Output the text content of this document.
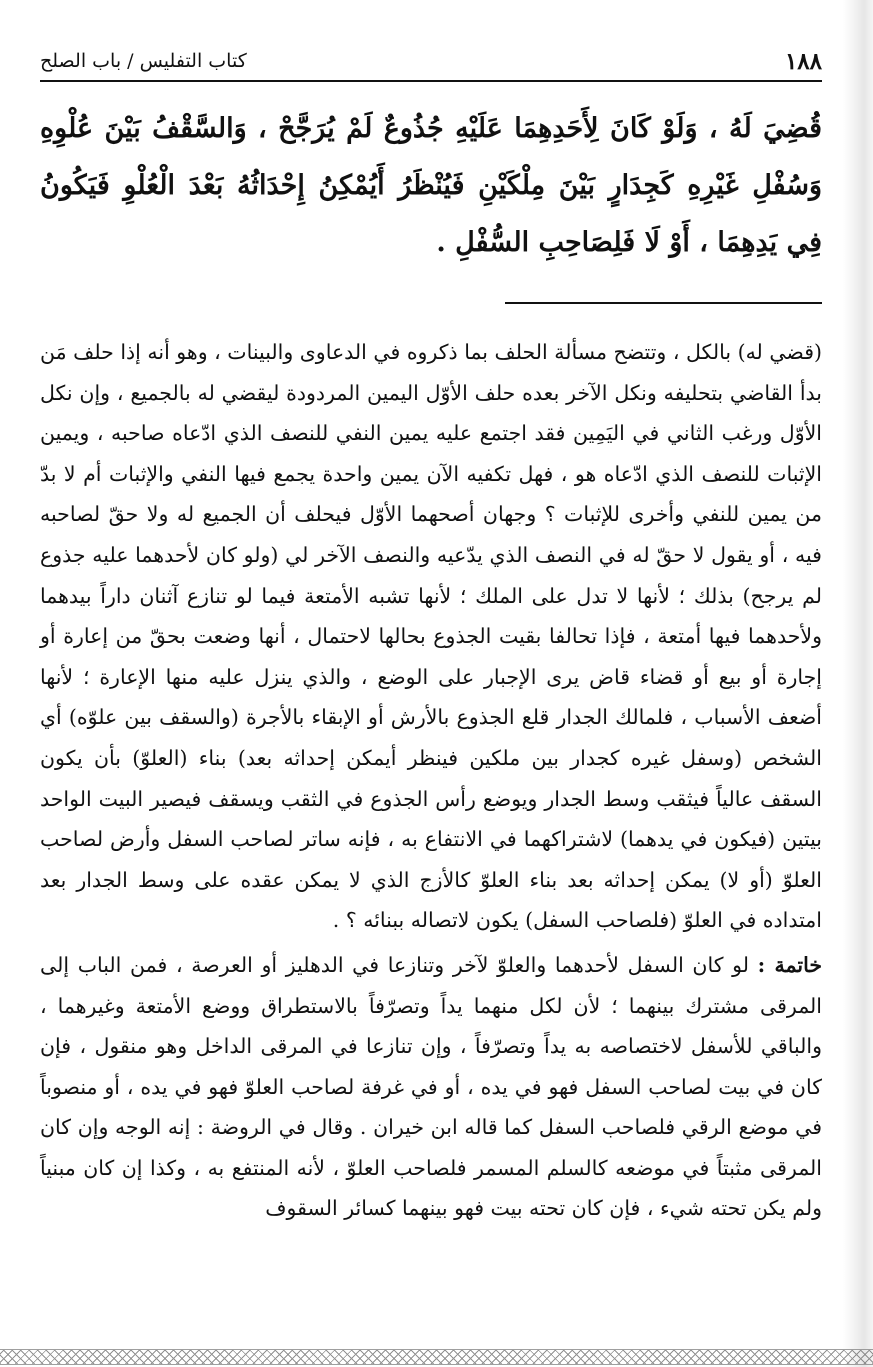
١٨٨
كتاب التفليس / باب الصلح

قُضِيَ لَهُ ، وَلَوْ كَانَ لِأَحَدِهِمَا عَلَيْهِ جُذُوعٌ لَمْ يُرَجَّحْ ، وَالسَّقْفُ بَيْنَ عُلْوِهِ وَسُفْلِ غَيْرِهِ كَجِدَارٍ بَيْنَ مِلْكَيْنِ فَيُنْظَرُ أَيُمْكِنُ إِحْدَاثُهُ بَعْدَ الْعُلْوِ فَيَكُونُ فِي يَدِهِمَا ، أَوْ لَا فَلِصَاحِبِ السُّفْلِ .

(قضي له) بالكل ، وتتضح مسألة الحلف بما ذكروه في الدعاوى والبينات ، وهو أنه إذا حلف مَن بدأ القاضي بتحليفه ونكل الآخر بعده حلف الأوّل اليمين المردودة ليقضي له بالجميع ، وإن نكل الأوّل ورغب الثاني في اليَمِين فقد اجتمع عليه يمين النفي للنصف الذي ادّعاه صاحبه ، ويمين الإثبات للنصف الذي ادّعاه هو ، فهل تكفيه الآن يمين واحدة يجمع فيها النفي والإثبات أم لا بدّ من يمين للنفي وأخرى للإثبات ؟ وجهان أصحهما الأوّل فيحلف أن الجميع له ولا حقّ لصاحبه فيه ، أو يقول لا حقّ له في النصف الذي يدّعيه والنصف الآخر لي (ولو كان لأحدهما عليه جذوع لم يرجح) بذلك ؛ لأنها لا تدل على الملك ؛ لأنها تشبه الأمتعة فيما لو تنازع آثنان داراً بيدهما ولأحدهما فيها أمتعة ، فإذا تحالفا بقيت الجذوع بحالها لاحتمال ، أنها وضعت بحقّ من إعارة أو إجارة أو بيع أو قضاء قاض يرى الإجبار على الوضع ، والذي ينزل عليه منها الإعارة ؛ لأنها أضعف الأسباب ، فلمالك الجدار قلع الجذوع بالأرش أو الإبقاء بالأجرة (والسقف بين علوّه) أي الشخص (وسفل غيره كجدار بين ملكين فينظر أيمكن إحداثه بعد) بناء (العلوّ) بأن يكون السقف عالياً فيثقب وسط الجدار ويوضع رأس الجذوع في الثقب ويسقف فيصير البيت الواحد بيتين (فيكون في يدهما) لاشتراكهما في الانتفاع به ، فإنه ساتر لصاحب السفل وأرض لصاحب العلوّ (أو لا) يمكن إحداثه بعد بناء العلوّ كالأزج الذي لا يمكن عقده على وسط الجدار بعد امتداده في العلوّ (فلصاحب السفل) يكون لاتصاله ببنائه ؟ .

خاتمة : لو كان السفل لأحدهما والعلوّ لآخر وتنازعا في الدهليز أو العرصة ، فمن الباب إلى المرقى مشترك بينهما ؛ لأن لكل منهما يداً وتصرّفاً بالاستطراق ووضع الأمتعة وغيرهما ، والباقي للأسفل لاختصاصه به يداً وتصرّفاً ، وإن تنازعا في المرقى الداخل وهو منقول ، فإن كان في بيت لصاحب السفل فهو في يده ، أو في غرفة لصاحب العلوّ فهو في يده ، أو منصوباً في موضع الرقي فلصاحب السفل كما قاله ابن خيران . وقال في الروضة : إنه الوجه وإن كان المرقى مثبتاً في موضعه كالسلم المسمر فلصاحب العلوّ ، لأنه المنتفع به ، وكذا إن كان مبنياً ولم يكن تحته شيء ، فإن كان تحته بيت فهو بينهما كسائر السقوف
